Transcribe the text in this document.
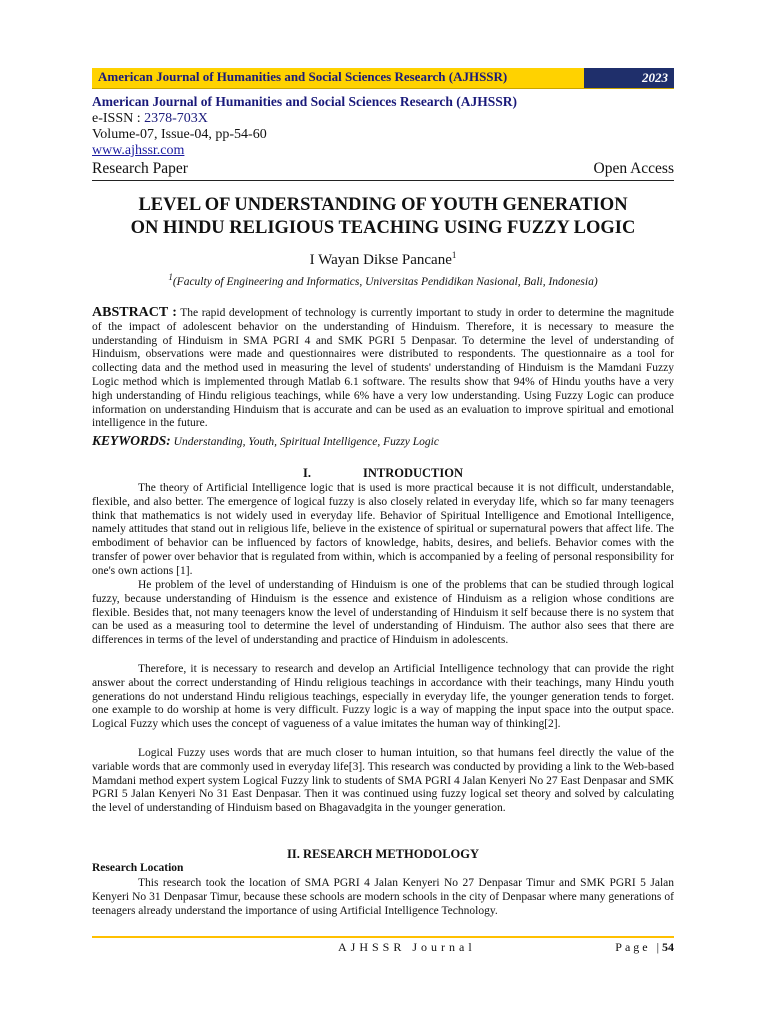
American Journal of Humanities and Social Sciences Research (AJHSSR)	2023
American Journal of Humanities and Social Sciences Research (AJHSSR)
e-ISSN : 2378-703X
Volume-07, Issue-04, pp-54-60
www.ajhssr.com
Research Paper	Open Access
LEVEL OF UNDERSTANDING OF YOUTH GENERATION
ON HINDU RELIGIOUS TEACHING USING FUZZY LOGIC
I Wayan Dikse Pancane$^1$
$^1$(Faculty of Engineering and Informatics, Universitas Pendidikan Nasional, Bali, Indonesia)
ABSTRACT : The rapid development of technology is currently important to study in order to determine the magnitude of the impact of adolescent behavior on the understanding of Hinduism. Therefore, it is necessary to measure the understanding of Hinduism in SMA PGRI 4 and SMK PGRI 5 Denpasar. To determine the level of understanding of Hinduism, observations were made and questionnaires were distributed to respondents. The questionnaire as a tool for collecting data and the method used in measuring the level of students' understanding of Hinduism is the Mamdani Fuzzy Logic method which is implemented through Matlab 6.1 software. The results show that 94% of Hindu youths have a very high understanding of Hindu religious teachings, while 6% have a very low understanding. Using Fuzzy Logic can produce information on understanding Hinduism that is accurate and can be used as an evaluation to improve spiritual and emotional intelligence in the future.
KEYWORDS: Understanding, Youth, Spiritual Intelligence, Fuzzy Logic
I.	INTRODUCTION
The theory of Artificial Intelligence logic that is used is more practical because it is not difficult, understandable, flexible, and also better. The emergence of logical fuzzy is also closely related in everyday life, which so far many teenagers think that mathematics is not widely used in everyday life. Behavior of Spiritual Intelligence and Emotional Intelligence, namely attitudes that stand out in religious life, believe in the existence of spiritual or supernatural powers that affect life. The embodiment of behavior can be influenced by factors of knowledge, habits, desires, and beliefs. Behavior comes with the transfer of power over behavior that is regulated from within, which is accompanied by a feeling of personal responsibility for one's own actions [1].
He problem of the level of understanding of Hinduism is one of the problems that can be studied through logical fuzzy, because understanding of Hinduism is the essence and existence of Hinduism as a religion whose conditions are flexible. Besides that, not many teenagers know the level of understanding of Hinduism it self because there is no system that can be used as a measuring tool to determine the level of understanding of Hinduism. The author also sees that there are differences in terms of the level of understanding and practice of Hinduism in adolescents.
Therefore, it is necessary to research and develop an Artificial Intelligence technology that can provide the right answer about the correct understanding of Hindu religious teachings in accordance with their teachings, many Hindu youth generations do not understand Hindu religious teachings, especially in everyday life, the younger generation tends to forget. one example to do worship at home is very difficult. Fuzzy logic is a way of mapping the input space into the output space. Logical Fuzzy which uses the concept of vagueness of a value imitates the human way of thinking[2].
Logical Fuzzy uses words that are much closer to human intuition, so that humans feel directly the value of the variable words that are commonly used in everyday life[3]. This research was conducted by providing a link to the Web-based Mamdani method expert system Logical Fuzzy link to students of SMA PGRI 4 Jalan Kenyeri No 27 East Denpasar and SMK PGRI 5 Jalan Kenyeri No 31 East Denpasar. Then it was continued using fuzzy logical set theory and solved by calculating the level of understanding of Hinduism based on Bhagavadgita in the younger generation.
II. RESEARCH METHODOLOGY
Research Location
This research took the location of SMA PGRI 4 Jalan Kenyeri No 27 Denpasar Timur and SMK PGRI 5 Jalan Kenyeri No 31 Denpasar Timur, because these schools are modern schools in the city of Denpasar where many generations of teenagers already understand the importance of using Artificial Intelligence Technology.
AJHSSR Journal	Page |54
